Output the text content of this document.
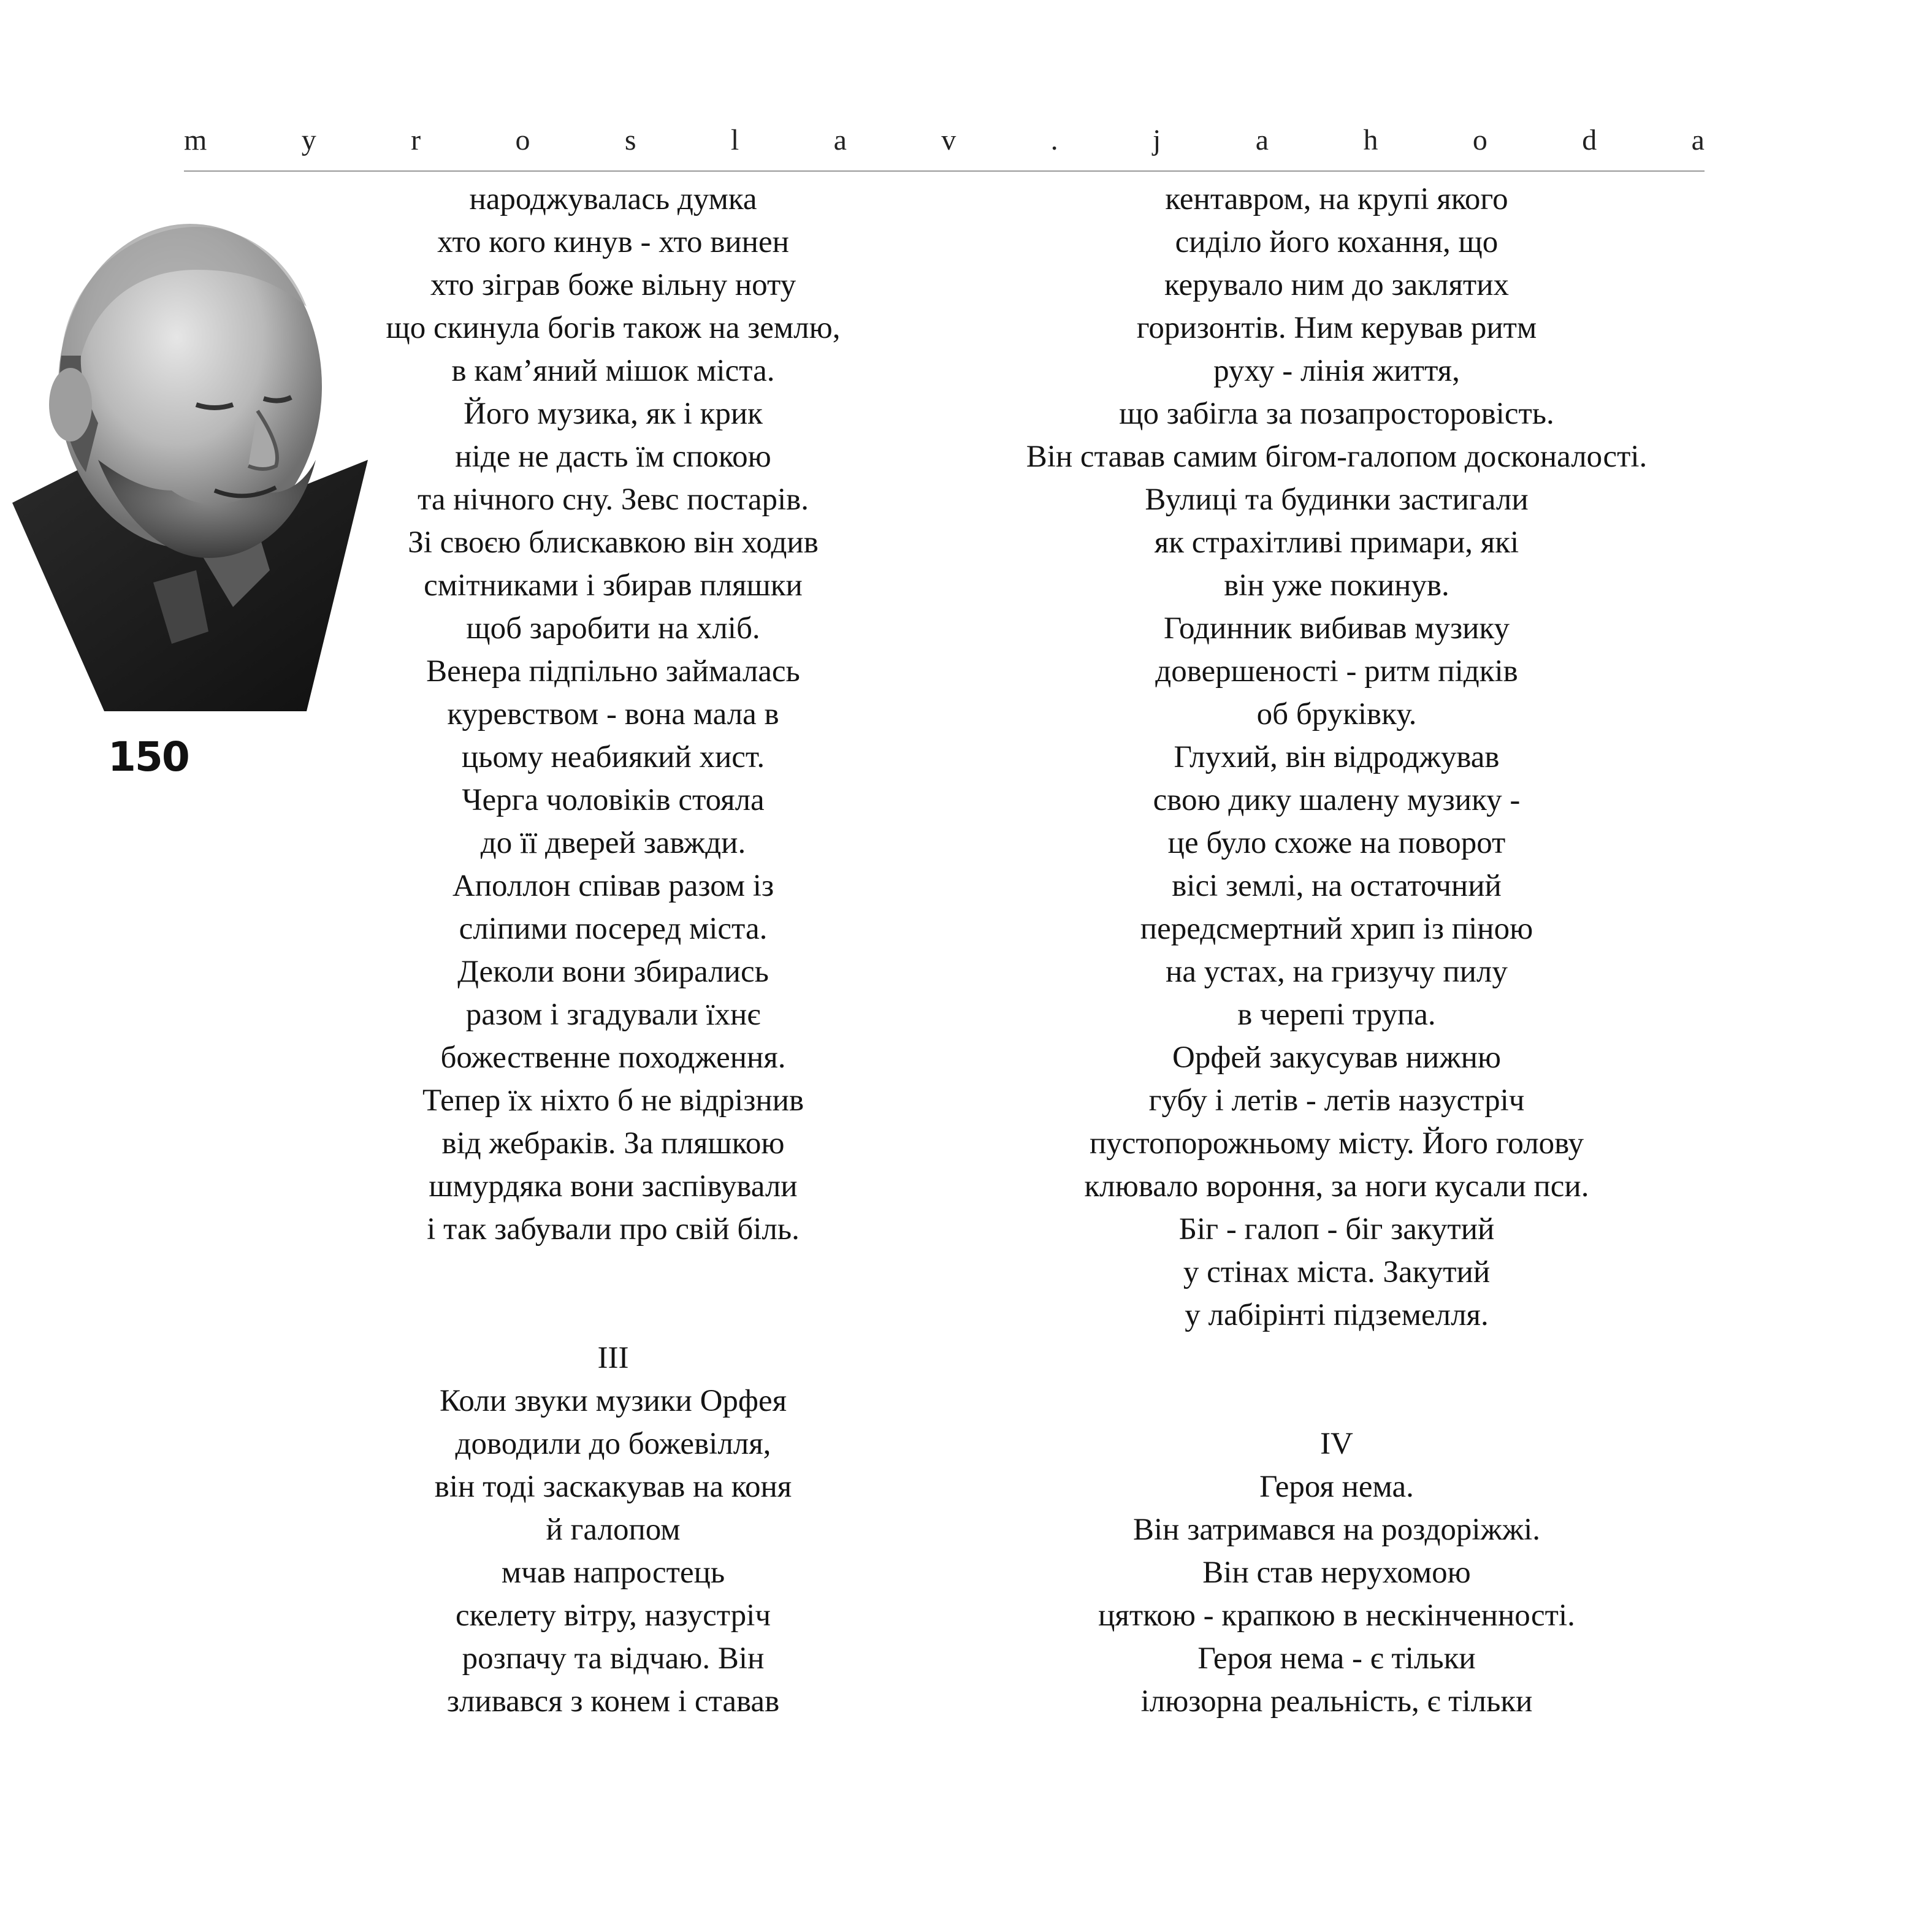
m	y	r	o	s	l	a	v	.	j	a	h	o	d	a
150
народжувалась думка
хто кого кинув - хто винен
хто зіграв боже вільну ноту
що скинула богів також на землю,
в кам’яний мішок міста.
Його музика, як і крик
ніде не дасть їм спокою
та нічного сну. Зевс постарів.
Зі своєю блискавкою він ходив
смітниками і збирав пляшки
щоб заробити на хліб.
Венера підпільно займалась
куревством - вона мала в
цьому неабиякий хист.
Черга чоловіків стояла
до її дверей завжди.
Аполлон співав разом із
сліпими посеред міста.
Деколи вони збирались
разом і згадували їхнє
божественне походження.
Тепер їх ніхто б не відрізнив
від жебраків. За пляшкою
шмурдяка вони заспівували
і так забували про свій біль.
III
Коли звуки музики Орфея
доводили до божевілля,
він тоді заскакував на коня
й галопом
мчав напростець
скелету вітру, назустріч
розпачу та відчаю. Він
зливався з конем і ставав
кентавром, на крупі якого
сиділо його кохання, що
керувало ним до заклятих
горизонтів. Ним керував ритм
руху - лінія життя,
що забігла за позапросторовість.
Він ставав самим бігом-галопом досконалості.
Вулиці та будинки застигали
як страхітливі примари, які
він уже покинув.
Годинник вибивав музику
довершеності - ритм підків
об бруківку.
Глухий, він відроджував
свою дику шалену музику -
це було схоже на поворот
вісі землі, на остаточний
передсмертний хрип із піною
на устах, на гризучу пилу
в черепі трупа.
Орфей закусував нижню
губу і летів - летів назустріч
пустопорожньому місту. Його голову
клювало вороння, за ноги кусали пси.
Біг - галоп - біг закутий
у стінах міста. Закутий
у лабірінті підземелля.
IV
Героя нема.
Він затримався на роздоріжжі.
Він став нерухомою
цяткою - крапкою в нескінченності.
Героя нема - є тільки
ілюзорна реальність, є тільки
